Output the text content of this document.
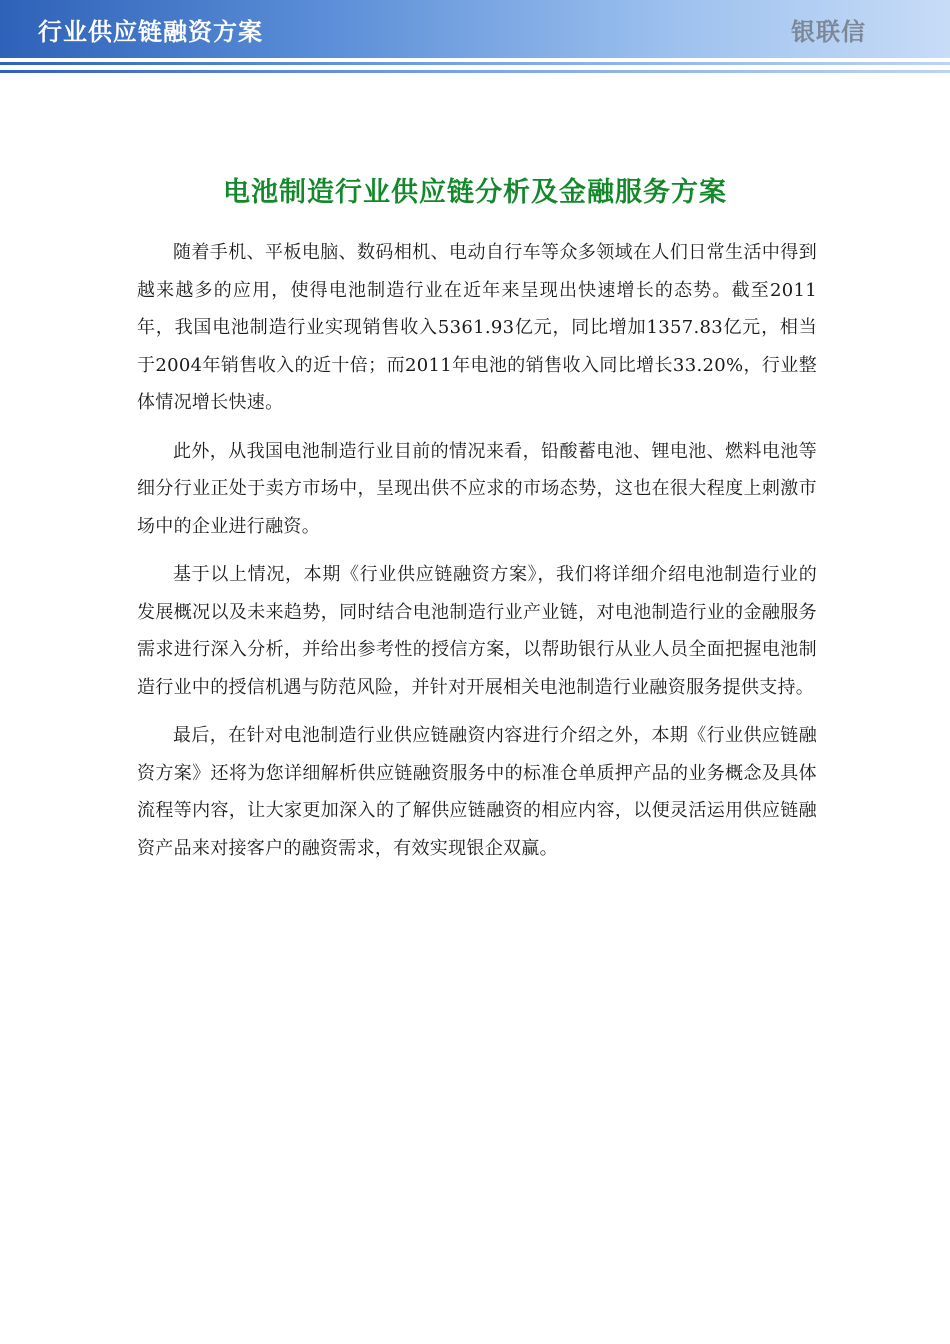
行业供应链融资方案	银联信
电池制造行业供应链分析及金融服务方案

随着手机、平板电脑、数码相机、电动自行车等众多领域在人们日常生活中得到越来越多的应用，使得电池制造行业在近年来呈现出快速增长的态势。截至2011年，我国电池制造行业实现销售收入5361.93亿元，同比增加1357.83亿元，相当于2004年销售收入的近十倍；而2011年电池的销售收入同比增长33.20%，行业整体情况增长快速。

此外，从我国电池制造行业目前的情况来看，铅酸蓄电池、锂电池、燃料电池等细分行业正处于卖方市场中，呈现出供不应求的市场态势，这也在很大程度上刺激市场中的企业进行融资。

基于以上情况，本期《行业供应链融资方案》，我们将详细介绍电池制造行业的发展概况以及未来趋势，同时结合电池制造行业产业链，对电池制造行业的金融服务需求进行深入分析，并给出参考性的授信方案，以帮助银行从业人员全面把握电池制造行业中的授信机遇与防范风险，并针对开展相关电池制造行业融资服务提供支持。

最后，在针对电池制造行业供应链融资内容进行介绍之外，本期《行业供应链融资方案》还将为您详细解析供应链融资服务中的标准仓单质押产品的业务概念及具体流程等内容，让大家更加深入的了解供应链融资的相应内容，以便灵活运用供应链融资产品来对接客户的融资需求，有效实现银企双赢。
